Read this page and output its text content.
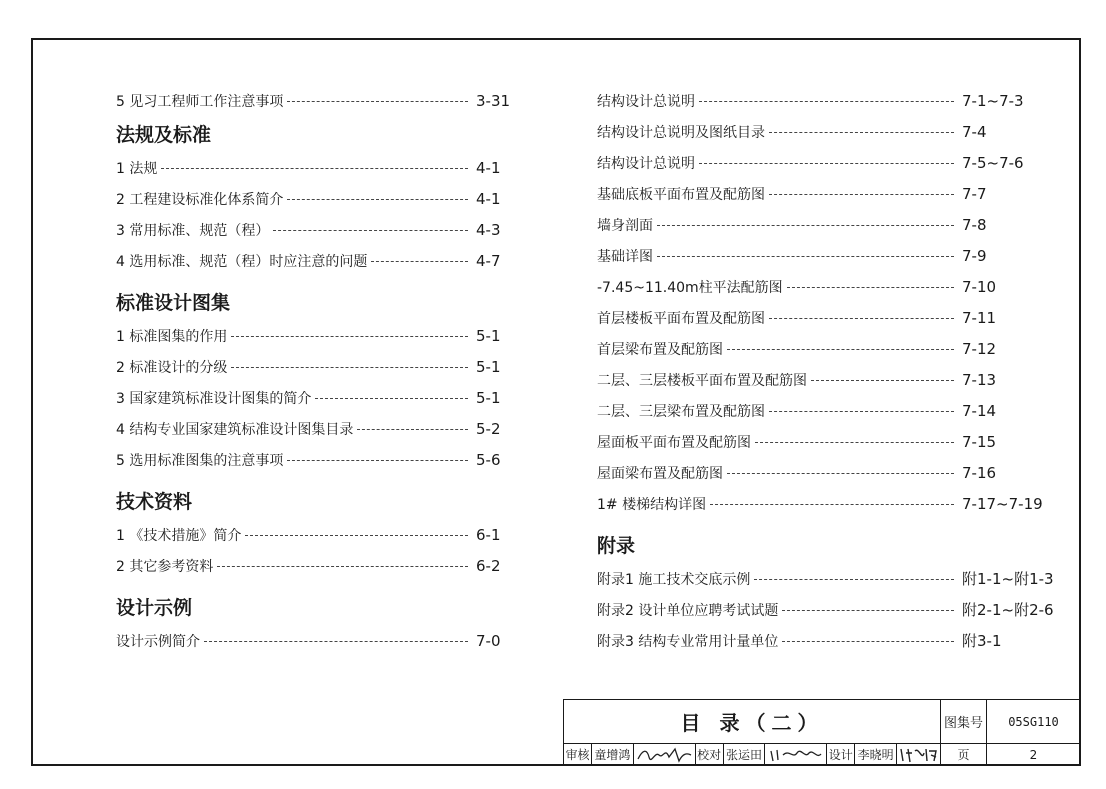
5 见习工程师工作注意事项	3-31
法规及标准
1 法规	4-1
2 工程建设标准化体系简介	4-1
3 常用标准、规范（程）	4-3
4 选用标准、规范（程）时应注意的问题	4-7
标准设计图集
1 标准图集的作用	5-1
2 标准设计的分级	5-1
3 国家建筑标准设计图集的简介	5-1
4 结构专业国家建筑标准设计图集目录	5-2
5 选用标准图集的注意事项	5-6
技术资料
1 《技术措施》简介	6-1
2 其它参考资料	6-2
设计示例
设计示例简介	7-0
结构设计总说明	7-1~7-3
结构设计总说明及图纸目录	7-4
结构设计总说明	7-5~7-6
基础底板平面布置及配筋图	7-7
墙身剖面	7-8
基础详图	7-9
-7.45~11.40m柱平法配筋图	7-10
首层楼板平面布置及配筋图	7-11
首层梁布置及配筋图	7-12
二层、三层楼板平面布置及配筋图	7-13
二层、三层梁布置及配筋图	7-14
屋面板平面布置及配筋图	7-15
屋面梁布置及配筋图	7-16
1# 楼梯结构详图	7-17~7-19
附录
附录1 施工技术交底示例	附1-1~附1-3
附录2 设计单位应聘考试试题	附2-1~附2-6
附录3 结构专业常用计量单位	附3-1
目 录（二）	图集号	05SG110
审核 童增鸿	校对 张运田	设计 李晓明	页	2
